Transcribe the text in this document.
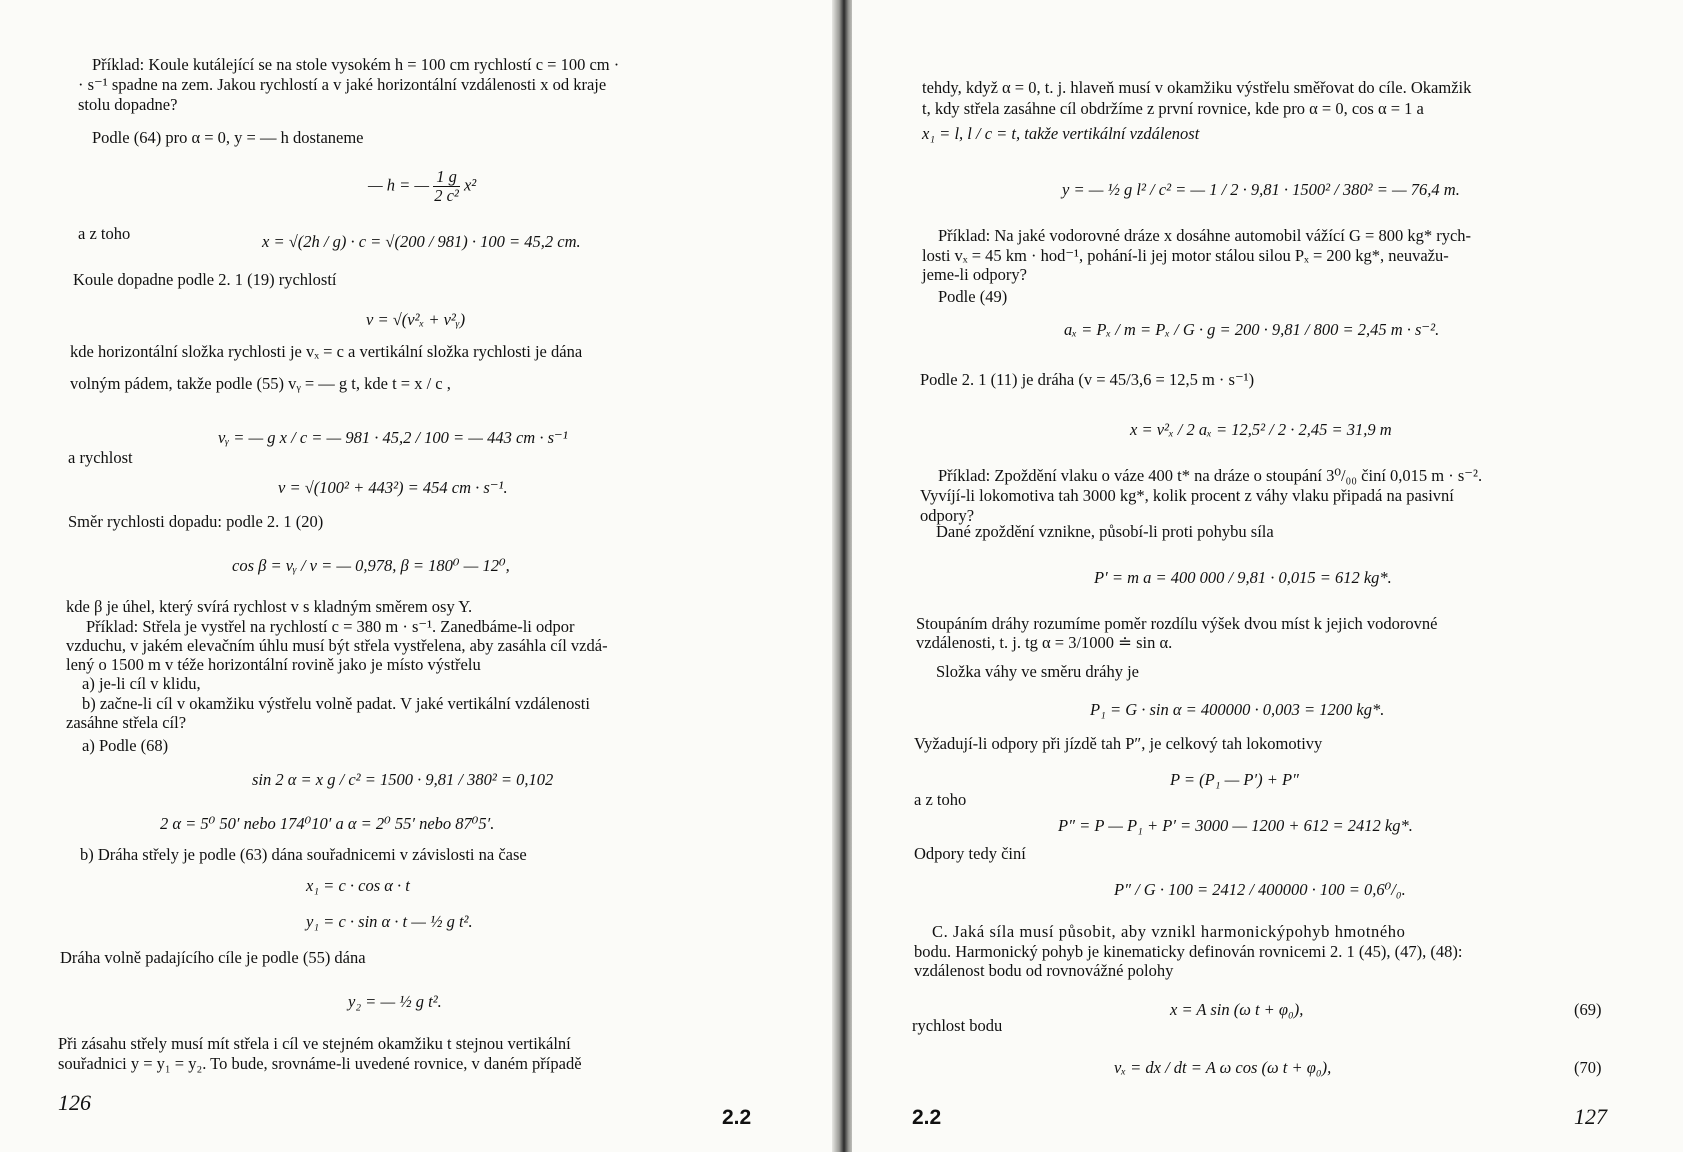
Příklad: Koule kutálející se na stole vysokém h = 100 cm rychlostí c = 100 cm ·
· s⁻¹ spadne na zem. Jakou rychlostí a v jaké horizontální vzdálenosti x od kraje
stolu dopadne?
Podle (64) pro α = 0, y = — h dostaneme
— h = — $\frac{1 g}{\text{2 c²}} x^2$
a z toho	x = √(2h / g) · c = √(200 / 981) · 100 = 45,2 cm.
Koule dopadne podle 2. 1 (19) rychlostí
v = √(v²ₓ + v²ᵧ)
kde horizontální složka rychlosti je vₓ = c a vertikální složka rychlosti je dána
volným pádem, takže podle (55) vᵧ = — g t, kde t = x / c ,
vᵧ = — g x / c = — 981 · 45,2 / 100 = — 443 cm · s⁻¹
a rychlost
v = √(100² + 443²) = 454 cm · s⁻¹.
Směr rychlosti dopadu: podle 2. 1 (20)
cos β = vᵧ / v = — 0,978, β = 180⁰ — 12⁰,
kde β je úhel, který svírá rychlost v s kladným směrem osy Y.
Příklad: Střela je vystřel na rychlostí c = 380 m · s⁻¹. Zanedbáme-li odpor
vzduchu, v jakém elevačním úhlu musí být střela vystřelena, aby zasáhla cíl vzdá-
lený o 1500 m v téže horizontální rovině jako je místo výstřelu
a) je-li cíl v klidu,
b) začne-li cíl v okamžiku výstřelu volně padat. V jaké vertikální vzdálenosti
zasáhne střela cíl?
a) Podle (68)
sin 2 α = x g / c² = 1500 · 9,81 / 380² = 0,102
2 α = 5⁰ 50′ nebo 174⁰10′ a α = 2⁰ 55′ nebo 87⁰5′.
b) Dráha střely je podle (63) dána souřadnicemi v závislosti na čase
x₁ = c · cos α · t
y₁ = c · sin α · t — ½ g t².
Dráha volně padajícího cíle je podle (55) dána
y₂ = — ½ g t².
Při zásahu střely musí mít střela i cíl ve stejném okamžiku t stejnou vertikální
souřadnici y = y₁ = y₂. To bude, srovnáme-li uvedené rovnice, v daném případě
126
2.2
tehdy, když α = 0, t. j. hlaveň musí v okamžiku výstřelu směřovat do cíle. Okamžik
t, kdy střela zasáhne cíl obdržíme z první rovnice, kde pro α = 0, cos α = 1 a
x₁ = l, l / c = t, takže vertikální vzdálenost
y = — ½ g l² / c² = — 1 / 2 · 9,81 · 1500² / 380² = — 76,4 m.
Příklad: Na jaké vodorovné dráze x dosáhne automobil vážící G = 800 kg* rych-
losti vₓ = 45 km · hod⁻¹, pohání-li jej motor stálou silou Pₓ = 200 kg*, neuvažu-
jeme-li odpory?
Podle (49)
aₓ = Pₓ / m = Pₓ / G · g = 200 · 9,81 / 800 = 2,45 m · s⁻².
Podle 2. 1 (11) je dráha (v = 45/3,6 = 12,5 m · s⁻¹)
x = v²ₓ / 2 aₓ = 12,5² / 2 · 2,45 = 31,9 m
Příklad: Zpoždění vlaku o váze 400 t* na dráze o stoupání 3⁰/₀₀ činí 0,015 m · s⁻².
Vyvíjí-li lokomotiva tah 3000 kg*, kolik procent z váhy vlaku připadá na pasivní
odpory?
Dané zpoždění vznikne, působí-li proti pohybu síla
P′ = m a = 400 000 / 9,81 · 0,015 = 612 kg*.
Stoupáním dráhy rozumíme poměr rozdílu výšek dvou míst k jejich vodorovné
vzdálenosti, t. j. tg α = 3/1000 ≐ sin α.
Složka váhy ve směru dráhy je
P₁ = G · sin α = 400000 · 0,003 = 1200 kg*.
Vyžadují-li odpory při jízdě tah P″, je celkový tah lokomotivy
P = (P₁ — P′) + P″
a z toho
P″ = P — P₁ + P′ = 3000 — 1200 + 612 = 2412 kg*.
Odpory tedy činí
P″ / G · 100 = 2412 / 400000 · 100 = 0,6⁰/₀.
C. Jaká síla musí působit, aby vznikl harmonickýpohyb hmotného
bodu. Harmonický pohyb je kinematicky definován rovnicemi 2. 1 (45), (47), (48):
vzdálenost bodu od rovnovážné polohy
x = A sin (ω t + φ₀),	(69)
rychlost bodu
vₓ = dx / dt = A ω cos (ω t + φ₀),	(70)
2.2	127
